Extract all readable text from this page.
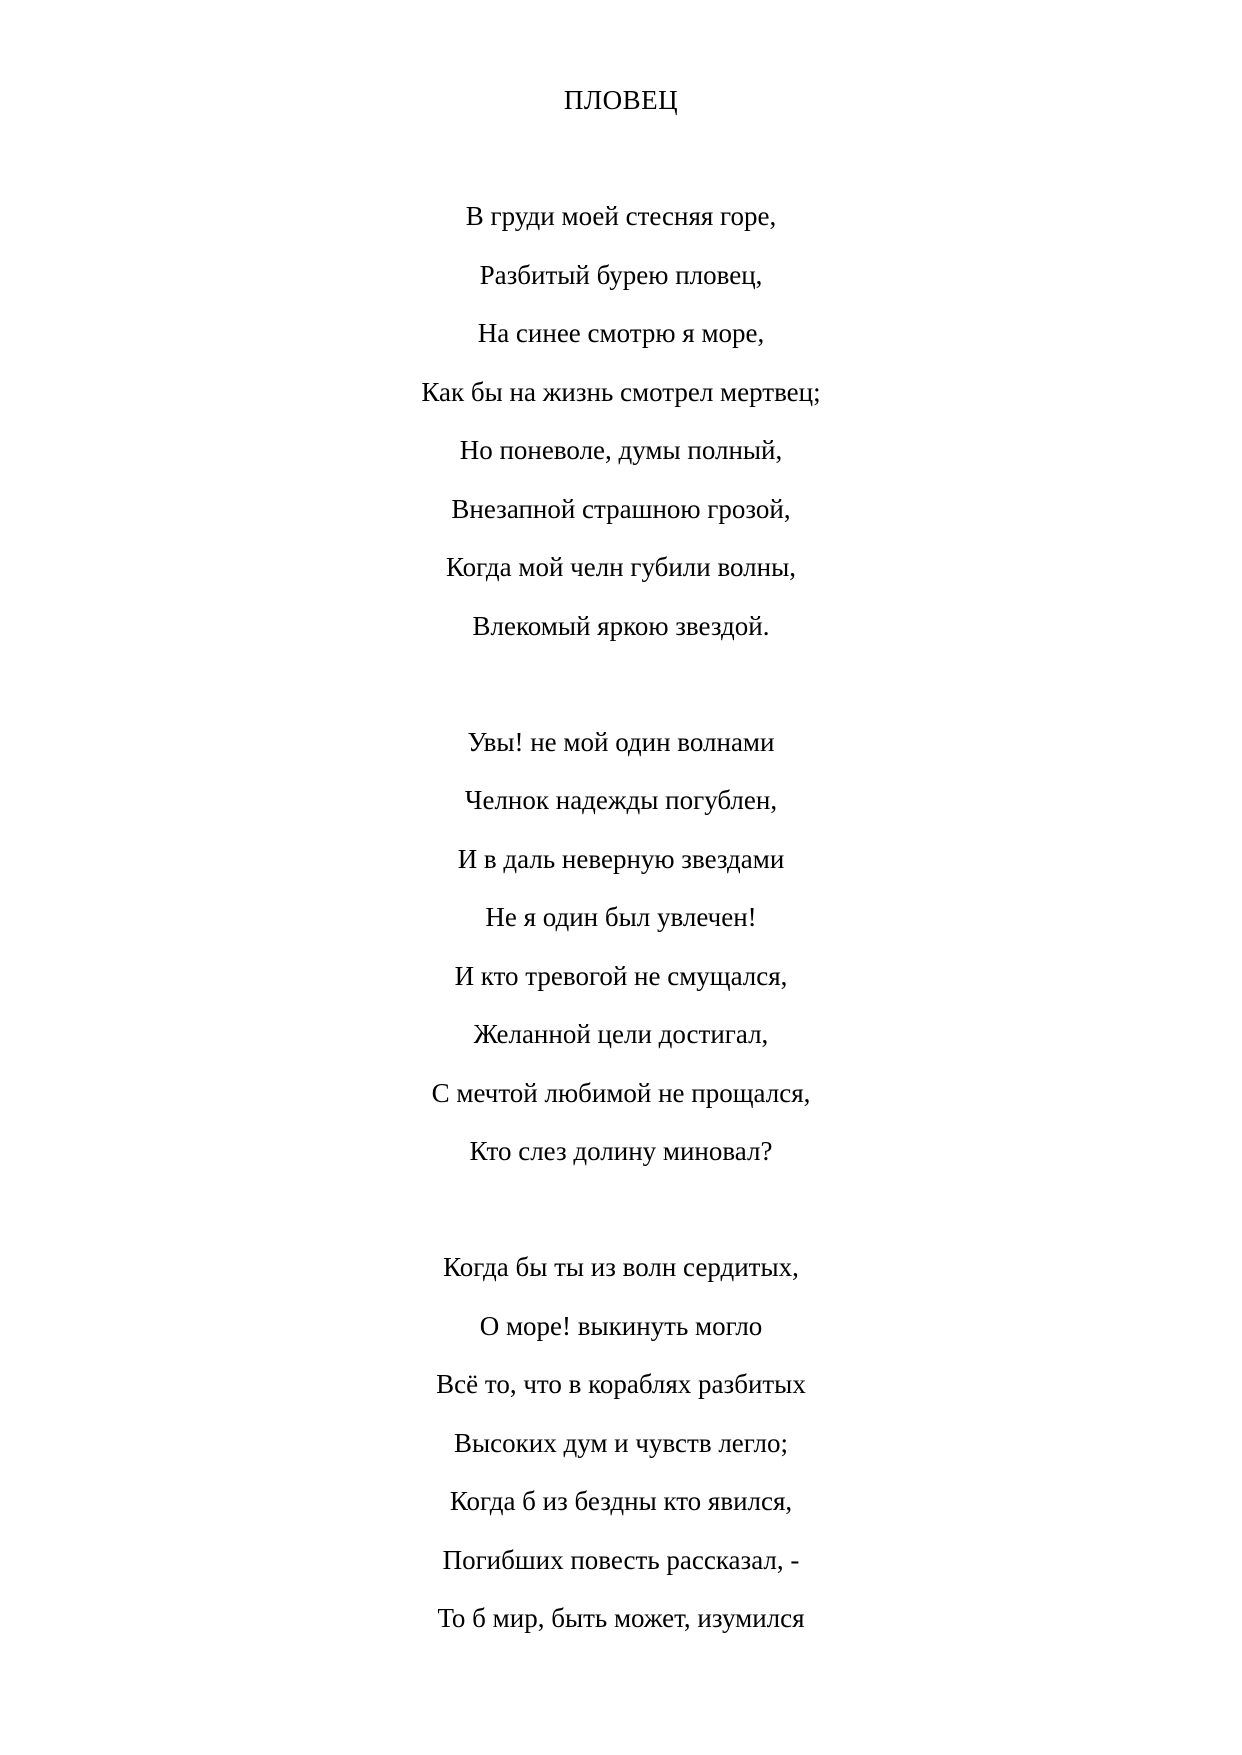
ПЛОВЕЦ
В груди моей стесняя горе,
Разбитый бурею пловец,
На синее смотрю я море,
Как бы на жизнь смотрел мертвец;
Но поневоле, думы полный,
Внезапной страшною грозой,
Когда мой челн губили волны,
Влекомый яркою звездой.
Увы! не мой один волнами
Челнок надежды погублен,
И в даль неверную звездами
Не я один был увлечен!
И кто тревогой не смущался,
Желанной цели достигал,
С мечтой любимой не прощался,
Кто слез долину миновал?
Когда бы ты из волн сердитых,
О море! выкинуть могло
Всё то, что в кораблях разбитых
Высоких дум и чувств легло;
Когда б из бездны кто явился,
Погибших повесть рассказал, -
То б мир, быть может, изумился
